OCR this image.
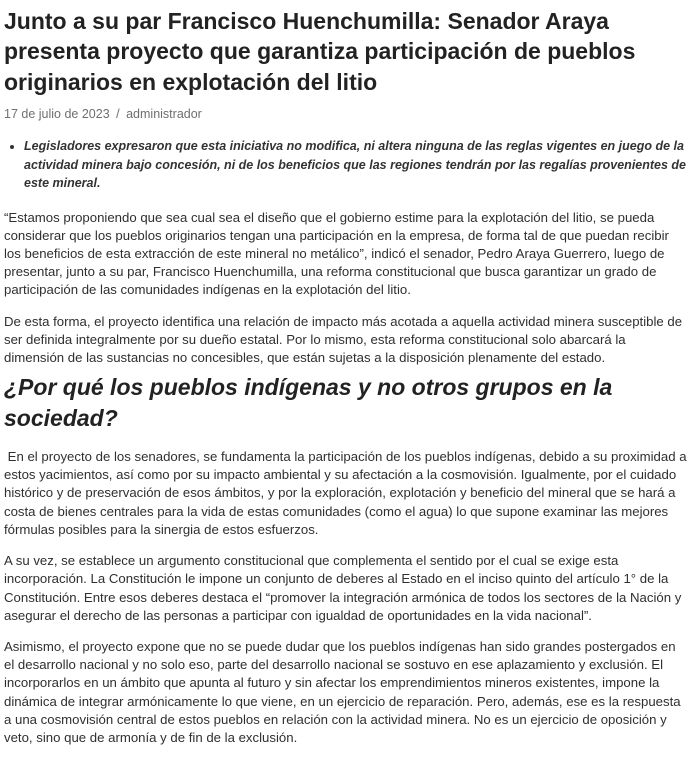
Junto a su par Francisco Huenchumilla: Senador Araya presenta proyecto que garantiza participación de pueblos originarios en explotación del litio
17 de julio de 2023 / administrador
• Legisladores expresaron que esta iniciativa no modifica, ni altera ninguna de las reglas vigentes en juego de la actividad minera bajo concesión, ni de los beneficios que las regiones tendrán por las regalías provenientes de este mineral.

“Estamos proponiendo que sea cual sea el diseño que el gobierno estime para la explotación del litio, se pueda considerar que los pueblos originarios tengan una participación en la empresa, de forma tal de que puedan recibir los beneficios de esta extracción de este mineral no metálico”, indicó el senador, Pedro Araya Guerrero, luego de presentar, junto a su par, Francisco Huenchumilla, una reforma constitucional que busca garantizar un grado de participación de las comunidades indígenas en la explotación del litio.

De esta forma, el proyecto identifica una relación de impacto más acotada a aquella actividad minera susceptible de ser definida integralmente por su dueño estatal. Por lo mismo, esta reforma constitucional solo abarcará la dimensión de las sustancias no concesibles, que están sujetas a la disposición plenamente del estado.

¿Por qué los pueblos indígenas y no otros grupos en la sociedad?

En el proyecto de los senadores, se fundamenta la participación de los pueblos indígenas, debido a su proximidad a estos yacimientos, así como por su impacto ambiental y su afectación a la cosmovisión. Igualmente, por el cuidado histórico y de preservación de esos ámbitos, y por la exploración, explotación y beneficio del mineral que se hará a costa de bienes centrales para la vida de estas comunidades (como el agua) lo que supone examinar las mejores fórmulas posibles para la sinergia de estos esfuerzos.

A su vez, se establece un argumento constitucional que complementa el sentido por el cual se exige esta incorporación. La Constitución le impone un conjunto de deberes al Estado en el inciso quinto del artículo 1° de la Constitución. Entre esos deberes destaca el “promover la integración armónica de todos los sectores de la Nación y asegurar el derecho de las personas a participar con igualdad de oportunidades en la vida nacional”.

Asimismo, el proyecto expone que no se puede dudar que los pueblos indígenas han sido grandes postergados en el desarrollo nacional y no solo eso, parte del desarrollo nacional se sostuvo en ese aplazamiento y exclusión. El incorporarlos en un ámbito que apunta al futuro y sin afectar los emprendimientos mineros existentes, impone la dinámica de integrar armónicamente lo que viene, en un ejercicio de reparación. Pero, además, ese es la respuesta a una cosmovisión central de estos pueblos en relación con la actividad minera. No es un ejercicio de oposición y veto, sino que de armonía y de fin de la exclusión.
